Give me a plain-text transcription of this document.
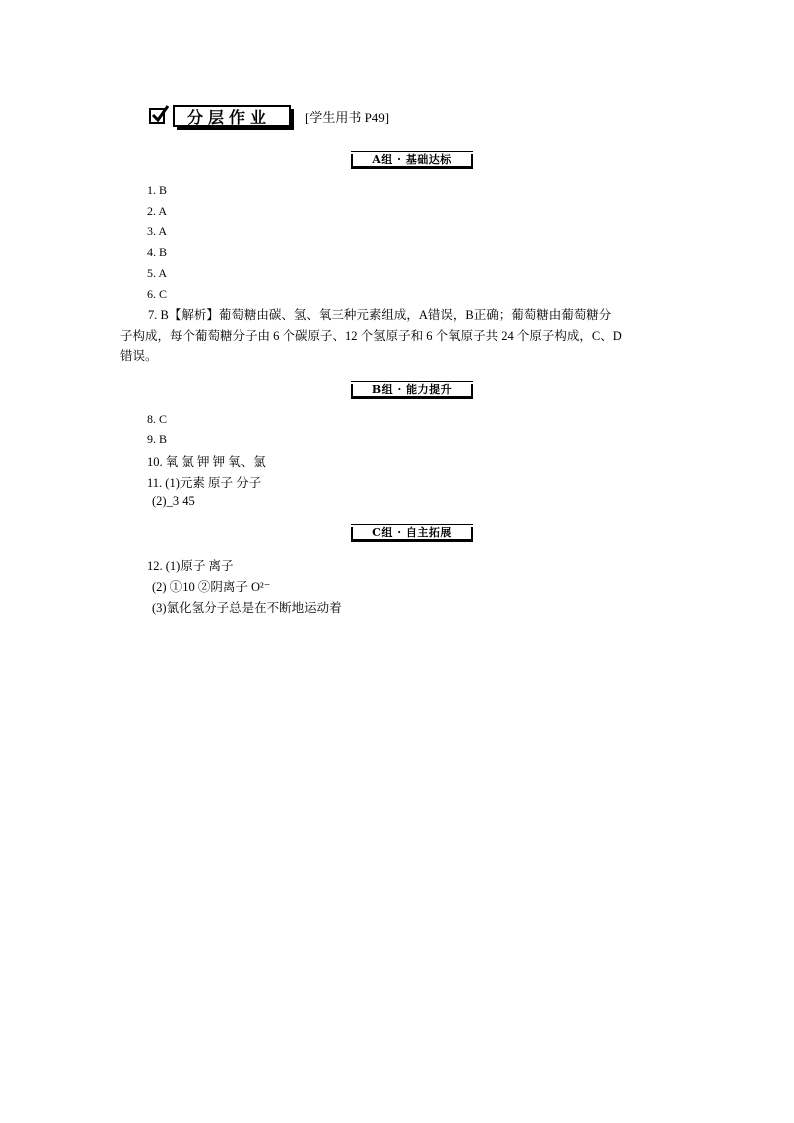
分层作业	[学生用书 P49]
A组 · 基础达标
1. B
2. A
3. A
4. B
5. A
6. C
7. B【解析】葡萄糖由碳、氢、氧三种元素组成，A错误，B正确；葡萄糖由葡萄糖分
子构成，每个葡萄糖分子由 6 个碳原子、12 个氢原子和 6 个氧原子共 24 个原子构成，C、D
错误。
B组 · 能力提升
8. C
9. B
10. 氧 氯 钾 钾 氧、氯
11. (1)元素 原子 分子
(2)_3 45
C组 · 自主拓展
12. (1)原子 离子
(2) ①10 ②阴离子 O²⁻
(3)氯化氢分子总是在不断地运动着
